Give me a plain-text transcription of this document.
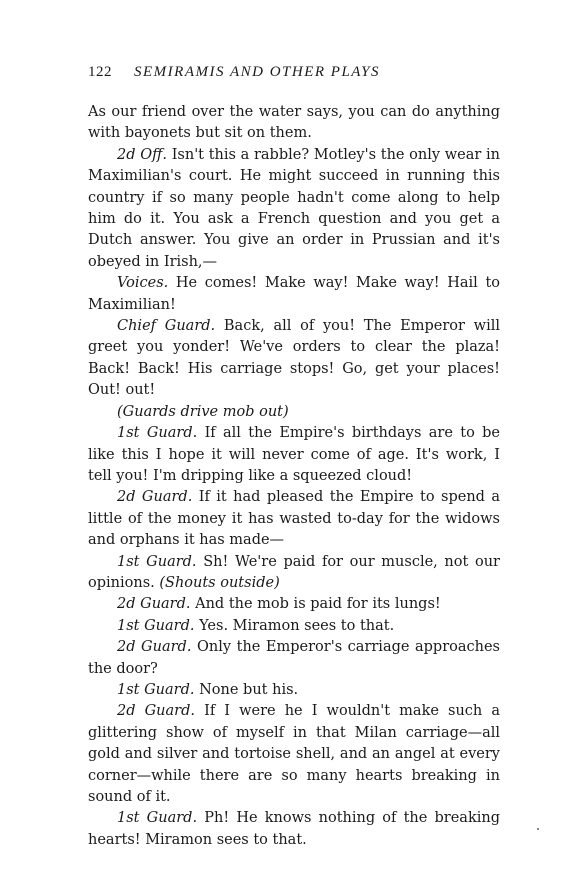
122 SEMIRAMIS AND OTHER PLAYS

As our friend over the water says, you can do anything with bayonets but sit on them.

2d Off. Isn't this a rabble? Motley's the only wear in Maximilian's court. He might succeed in running this country if so many people hadn't come along to help him do it. You ask a French question and you get a Dutch answer. You give an order in Prussian and it's obeyed in Irish,—

Voices. He comes! Make way! Make way! Hail to Maximilian!

Chief Guard. Back, all of you! The Emperor will greet you yonder! We've orders to clear the plaza! Back! Back! His carriage stops! Go, get your places! Out! out!

(Guards drive mob out)

1st Guard. If all the Empire's birthdays are to be like this I hope it will never come of age. It's work, I tell you! I'm dripping like a squeezed cloud!

2d Guard. If it had pleased the Empire to spend a little of the money it has wasted to-day for the widows and orphans it has made—

1st Guard. Sh! We're paid for our muscle, not our opinions. (Shouts outside)

2d Guard. And the mob is paid for its lungs!

1st Guard. Yes. Miramon sees to that.

2d Guard. Only the Emperor's carriage approaches the door?

1st Guard. None but his.

2d Guard. If I were he I wouldn't make such a glittering show of myself in that Milan carriage—all gold and silver and tortoise shell, and an angel at every corner—while there are so many hearts breaking in sound of it.

1st Guard. Ph! He knows nothing of the breaking hearts! Miramon sees to that.
